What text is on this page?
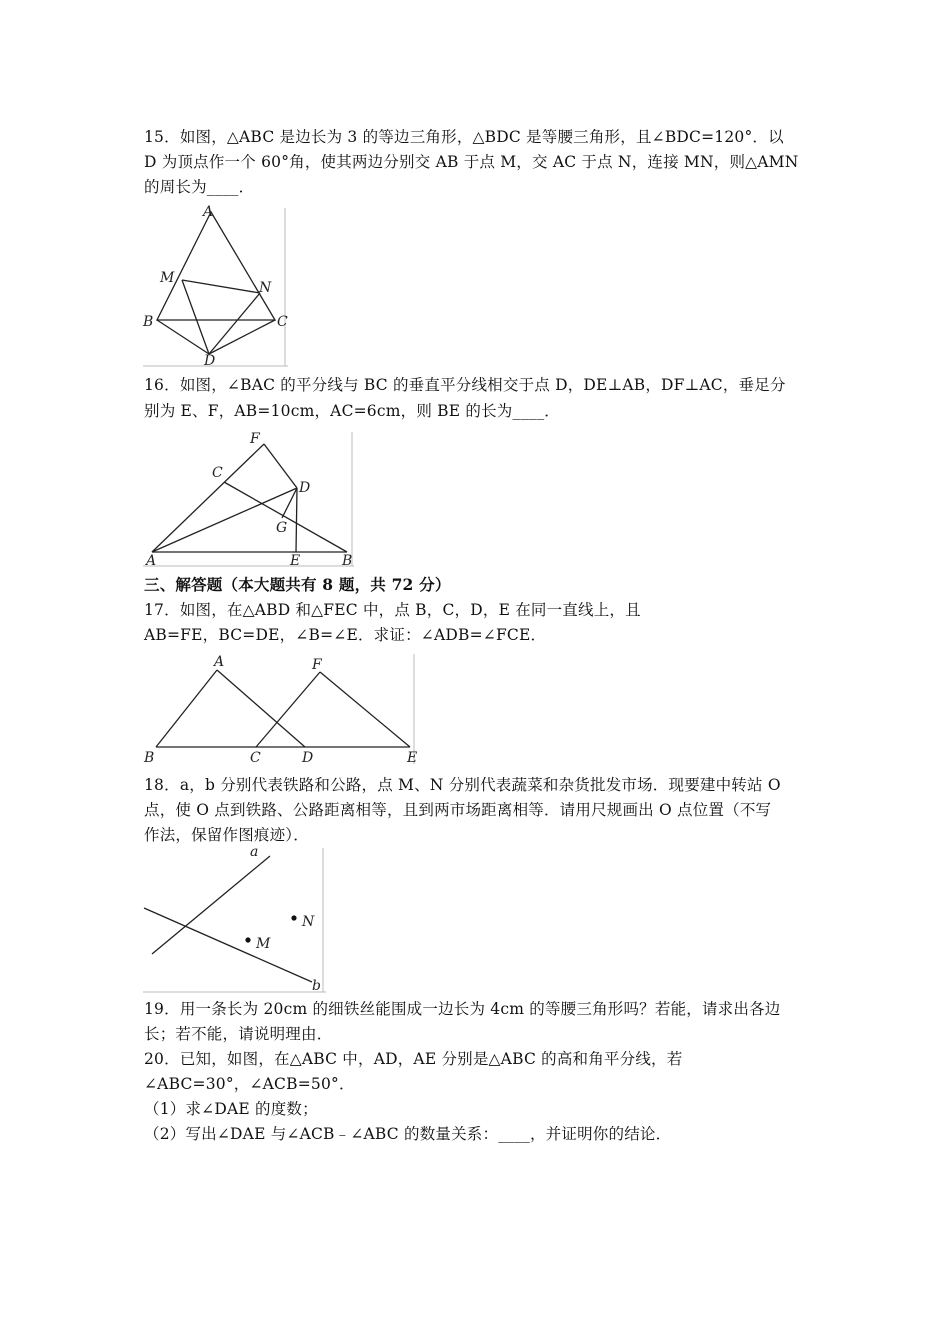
15．如图，△ABC 是边长为 3 的等边三角形，△BDC 是等腰三角形，且∠BDC=120°．以
D 为顶点作一个 60°角，使其两边分别交 AB 于点 M，交 AC 于点 N，连接 MN，则△AMN
的周长为____．
A
M
N
B	C
D
16．如图，∠BAC 的平分线与 BC 的垂直平分线相交于点 D，DE⊥AB，DF⊥AC，垂足分
别为 E、F，AB=10cm，AC=6cm，则 BE 的长为____．
F
C
D
G
A	E	B
三、解答题（本大题共有 8 题，共 72 分）
17．如图，在△ABD 和△FEC 中，点 B，C，D，E 在同一直线上，且
AB=FE，BC=DE，∠B=∠E．求证：∠ADB=∠FCE．
A	F
B	C	D	E
18．a，b 分别代表铁路和公路，点 M、N 分别代表蔬菜和杂货批发市场．现要建中转站 O
点，使 O 点到铁路、公路距离相等，且到两市场距离相等．请用尺规画出 O 点位置（不写
作法，保留作图痕迹）．
a
b
M
N
19．用一条长为 20cm 的细铁丝能围成一边长为 4cm 的等腰三角形吗？若能，请求出各边
长；若不能，请说明理由．
20．已知，如图，在△ABC 中，AD，AE 分别是△ABC 的高和角平分线，若
∠ABC=30°，∠ACB=50°．
（1）求∠DAE 的度数；
（2）写出∠DAE 与∠ACB﹣∠ABC 的数量关系：____，并证明你的结论．
